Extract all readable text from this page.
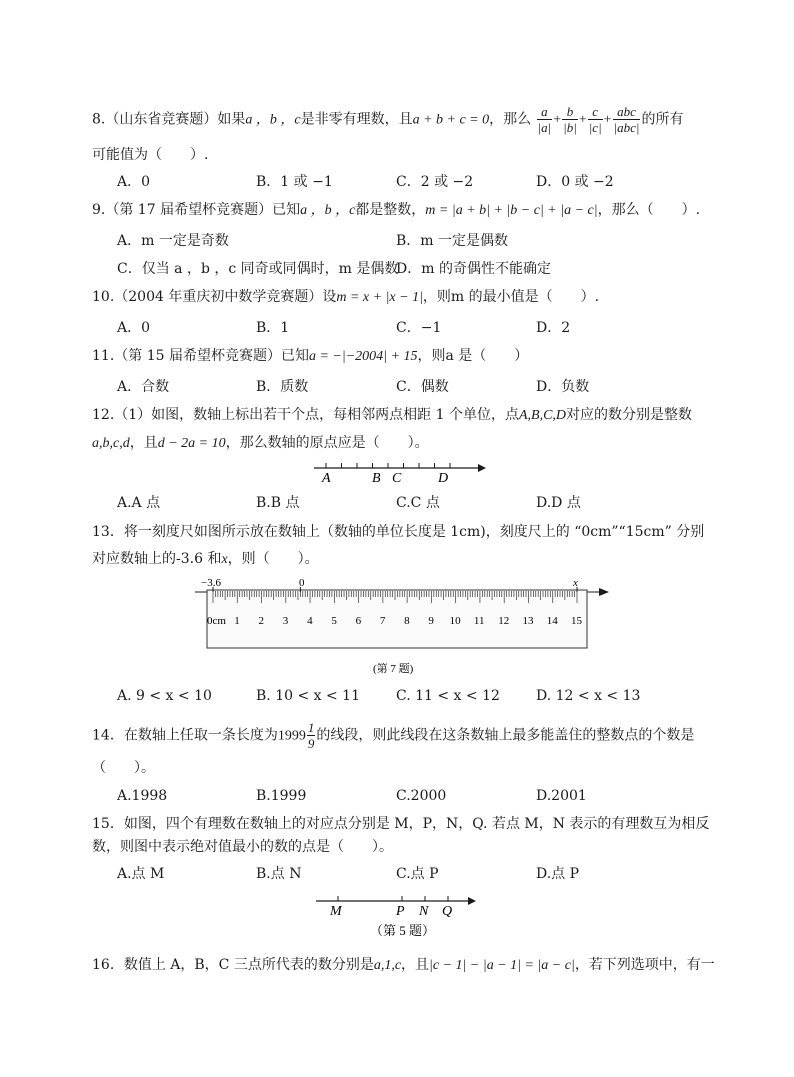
8.（山东省竞赛题）如果a ，b ，c是非零有理数，且a + b + c = 0，那么 $\frac{a}{|a|} + \frac{b}{|b|} + \frac{c}{|c|} + \frac{\text{abc}}{\text{|abc|}}$ 的所有
可能值为（　　）.
A．0	B．1 或 −1	C．2 或 −2	D．0 或 −2
9.（第 17 届希望杯竞赛题）已知a ，b ，c都是整数，m = |a + b| + |b − c| + |a − c|，那么（　　）.
A．m 一定是奇数	B．m 一定是偶数
C．仅当 a ，b ，c 同奇或同偶时，m 是偶数
D．m 的奇偶性不能确定
10.（2004 年重庆初中数学竞赛题）设m = x + |x − 1|，则m 的最小值是（　　）.
A．0	B．1	C．−1	D．2
11.（第 15 届希望杯竞赛题）已知a = −|−2004| + 15，则a 是（　　）
A．合数	B．质数	C．偶数	D．负数
12.（1）如图，数轴上标出若干个点，每相邻两点相距 1 个单位，点A,B,C,D对应的数分别是整数
a,b,c,d，且d − 2a = 10，那么数轴的原点应是（　　）。
A	B C	D
A.A 点	B.B 点	C.C 点	D.D 点
13．将一刻度尺如图所示放在数轴上（数轴的单位长度是 1cm)，刻度尺上的 “0cm”“15cm” 分别
对应数轴上的-3.6 和x，则（　　）。
−3.6	0	x
0cm 1 2 3 4 5 6 7 8 9 10 11 12 13 14 15
(第 7 题)
A. 9 < x < 10	B. 10 < x < 11	C. 11 < x < 12	D. 12 < x < 13
14．在数轴上任取一条长度为$1999 \frac{1}{9}$ 的线段，则此线段在这条数轴上最多能盖住的整数点的个数是
（　　）。
A.1998	B.1999	C.2000	D.2001
15．如图，四个有理数在数轴上的对应点分别是 M，P，N，Q. 若点 M，N 表示的有理数互为相反
数，则图中表示绝对值最小的数的点是（　　）。
A.点 M	B.点 N	C.点 P	D.点 P
M	P N Q
（第 5 题）
16．数值上 A，B，C 三点所代表的数分别是a,1,c，且|c − 1| − |a − 1| = |a − c|，若下列选项中，有一
